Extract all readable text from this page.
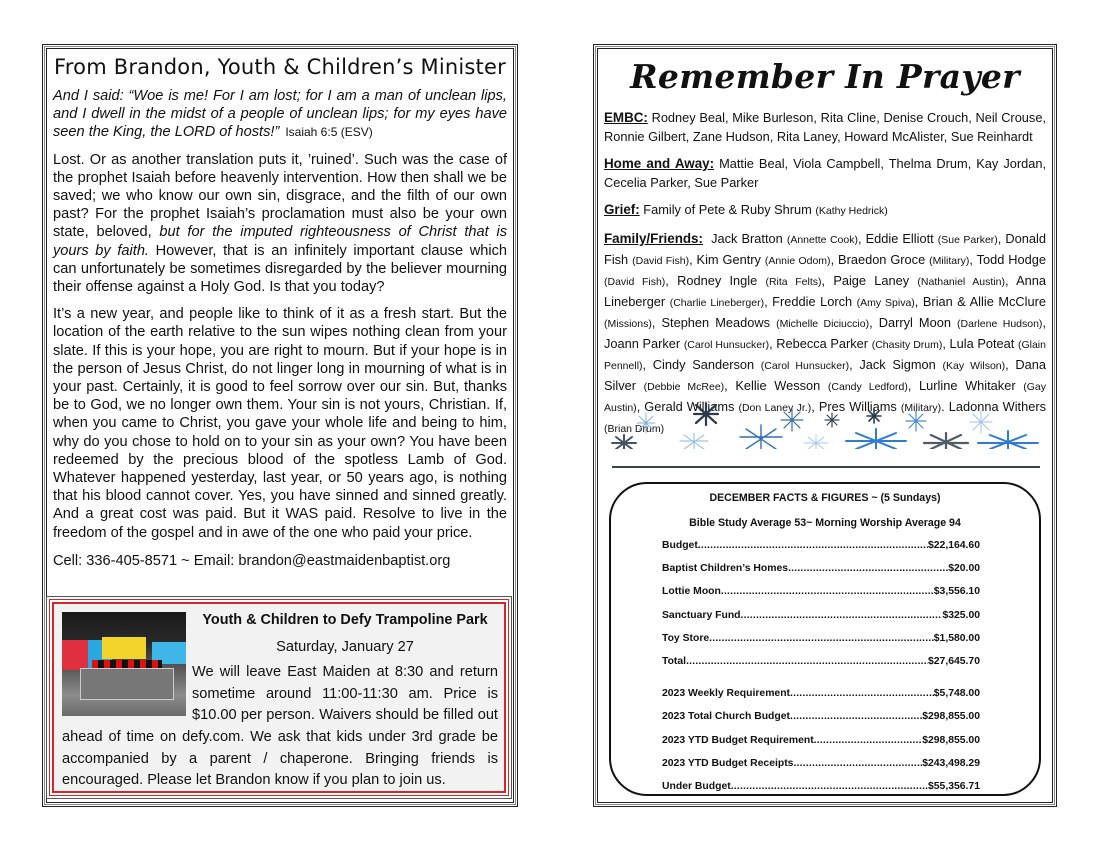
From Brandon, Youth & Children’s Minister

And I said: “Woe is me! For I am lost; for I am a man of unclean lips, and I dwell in the midst of a people of unclean lips; for my eyes have seen the King, the LORD of hosts!” Isaiah 6:5 (ESV)

Lost. Or as another translation puts it, ’ruined’. Such was the case of the prophet Isaiah before heavenly intervention. How then shall we be saved; we who know our own sin, disgrace, and the filth of our own past? For the prophet Isaiah’s proclamation must also be your own state, beloved, but for the imputed righteousness of Christ that is yours by faith. However, that is an infinitely important clause which can unfortunately be sometimes disregarded by the believer mourning their offense against a Holy God. Is that you today?

It’s a new year, and people like to think of it as a fresh start. But the location of the earth relative to the sun wipes nothing clean from your slate. If this is your hope, you are right to mourn. But if your hope is in the person of Jesus Christ, do not linger long in mourning of what is in your past. Certainly, it is good to feel sorrow over our sin. But, thanks be to God, we no longer own them. Your sin is not yours, Christian. If, when you came to Christ, you gave your whole life and being to him, why do you chose to hold on to your sin as your own? You have been redeemed by the precious blood of the spotless Lamb of God. Whatever happened yesterday, last year, or 50 years ago, is nothing that his blood cannot cover. Yes, you have sinned and sinned greatly. And a great cost was paid. But it WAS paid. Resolve to live in the freedom of the gospel and in awe of the one who paid your price.

Cell: 336-405-8571 ~ Email: brandon@eastmaidenbaptist.org

Youth & Children to Defy Trampoline Park
Saturday, January 27
We will leave East Maiden at 8:30 and return sometime around 11:00-11:30 am. Price is $10.00 per person. Waivers should be filled out ahead of time on defy.com. We ask that kids under 3rd grade be accompanied by a parent / chaperone. Bringing friends is encouraged. Please let Brandon know if you plan to join us.
Remember In Prayer

EMBC: Rodney Beal, Mike Burleson, Rita Cline, Denise Crouch, Neil Crouse, Ronnie Gilbert, Zane Hudson, Rita Laney, Howard McAlister, Sue Reinhardt

Home and Away: Mattie Beal, Viola Campbell, Thelma Drum, Kay Jordan, Cecelia Parker, Sue Parker

Grief: Family of Pete & Ruby Shrum (Kathy Hedrick)

Family/Friends: Jack Bratton (Annette Cook), Eddie Elliott (Sue Parker), Donald Fish (David Fish), Kim Gentry (Annie Odom), Braedon Groce (Military), Todd Hodge (David Fish), Rodney Ingle (Rita Felts), Paige Laney (Nathaniel Austin), Anna Lineberger (Charlie Lineberger), Freddie Lorch (Amy Spiva), Brian & Allie McClure (Missions), Stephen Meadows (Michelle Diciuccio), Darryl Moon (Darlene Hudson), Joann Parker (Carol Hunsucker), Rebecca Parker (Chasity Drum), Lula Poteat (Glain Pennell), Cindy Sanderson (Carol Hunsucker), Jack Sigmon (Kay Wilson), Dana Silver (Debbie McRee), Kellie Wesson (Candy Ledford), Lurline Whitaker (Gay Austin), Gerald Williams (Don Laney Jr.), Pres Williams (Military). Ladonna Withers (Brian Drum)

DECEMBER FACTS & FIGURES ~ (5 Sundays)
Bible Study Average 53~ Morning Worship Average 94
Budget .....	$22,164.60
Baptist Children’s Homes .....	$20.00
Lottie Moon .....	$3,556.10
Sanctuary Fund .....	$325.00
Toy Store .....	$1,580.00
Total .....	$27,645.70
2023 Weekly Requirement .....	$5,748.00
2023 Total Church Budget .....	$298,855.00
2023 YTD Budget Requirement .....	$298,855.00
2023 YTD Budget Receipts .....	$243,498.29
Under Budget .....	$55,356.71
